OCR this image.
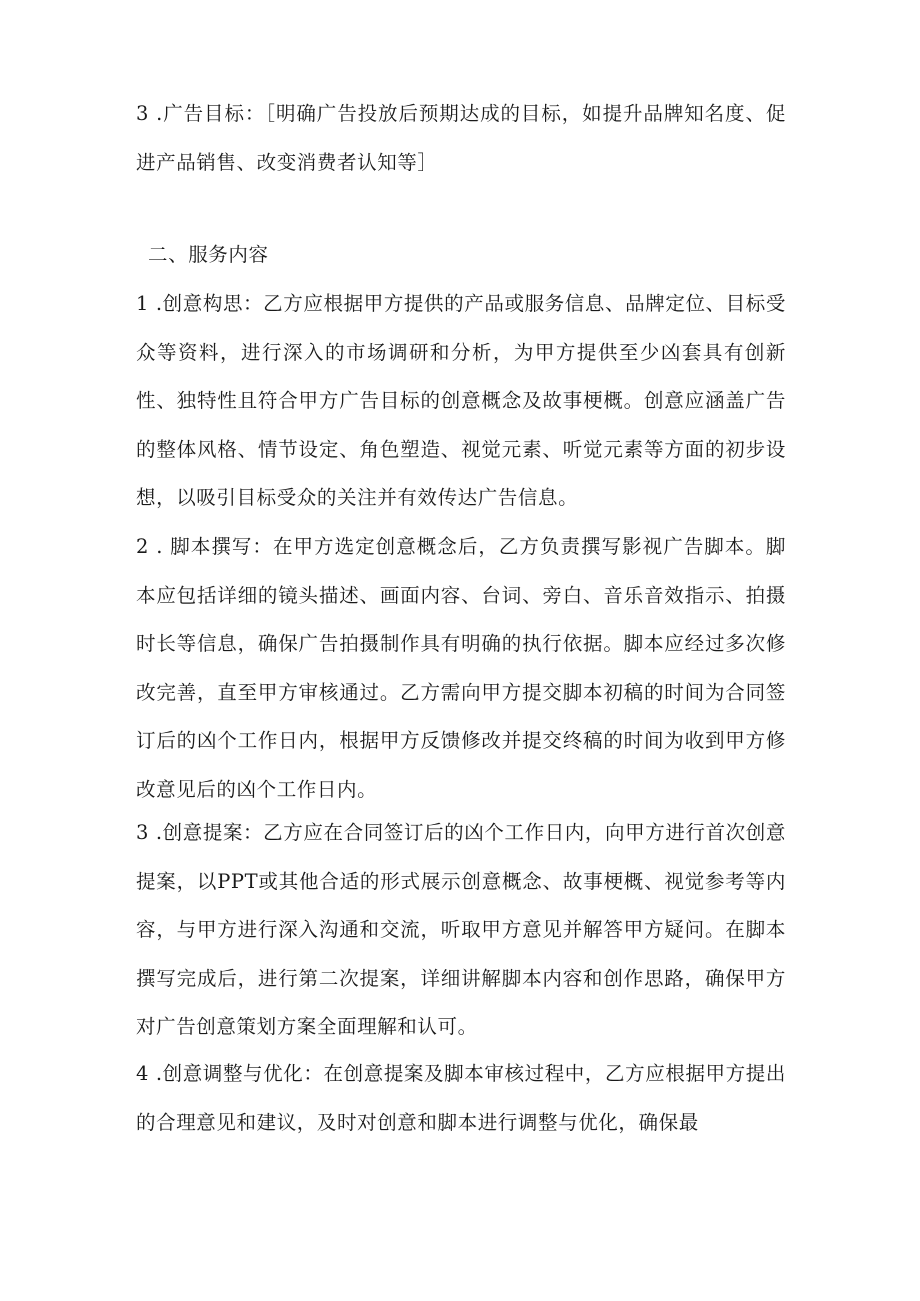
3 .广告目标：［明确广告投放后预期达成的目标，如提升品牌知名度、促进产品销售、改变消费者认知等］

二、服务内容

1 .创意构思：乙方应根据甲方提供的产品或服务信息、品牌定位、目标受众等资料，进行深入的市场调研和分析，为甲方提供至少凶套具有创新性、独特性且符合甲方广告目标的创意概念及故事梗概。创意应涵盖广告的整体风格、情节设定、角色塑造、视觉元素、听觉元素等方面的初步设想，以吸引目标受众的关注并有效传达广告信息。

2 . 脚本撰写：在甲方选定创意概念后，乙方负责撰写影视广告脚本。脚本应包括详细的镜头描述、画面内容、台词、旁白、音乐音效指示、拍摄时长等信息，确保广告拍摄制作具有明确的执行依据。脚本应经过多次修改完善，直至甲方审核通过。乙方需向甲方提交脚本初稿的时间为合同签订后的凶个工作日内，根据甲方反馈修改并提交终稿的时间为收到甲方修改意见后的凶个工作日内。

3 .创意提案：乙方应在合同签订后的凶个工作日内，向甲方进行首次创意提案，以PPT或其他合适的形式展示创意概念、故事梗概、视觉参考等内容，与甲方进行深入沟通和交流，听取甲方意见并解答甲方疑问。在脚本撰写完成后，进行第二次提案，详细讲解脚本内容和创作思路，确保甲方对广告创意策划方案全面理解和认可。

4 .创意调整与优化：在创意提案及脚本审核过程中，乙方应根据甲方提出的合理意见和建议，及时对创意和脚本进行调整与优化，确保最
